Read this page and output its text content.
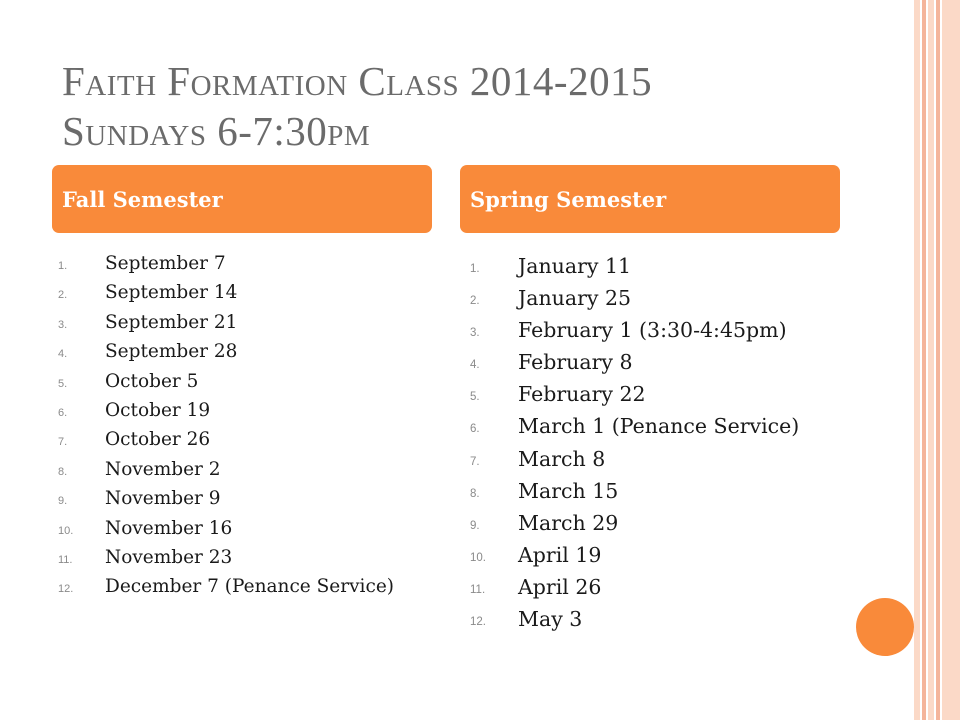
Faith Formation Class 2014-2015
Sundays 6-7:30pm
Fall Semester	Spring Semester
1. September 7
2. September 14
3. September 21
4. September 28
5. October 5
6. October 19
7. October 26
8. November 2
9. November 9
10. November 16
11. November 23
12. December 7 (Penance Service)
1. January 11
2. January 25
3. February 1 (3:30-4:45pm)
4. February 8
5. February 22
6. March 1 (Penance Service)
7. March 8
8. March 15
9. March 29
10. April 19
11. April 26
12. May 3
